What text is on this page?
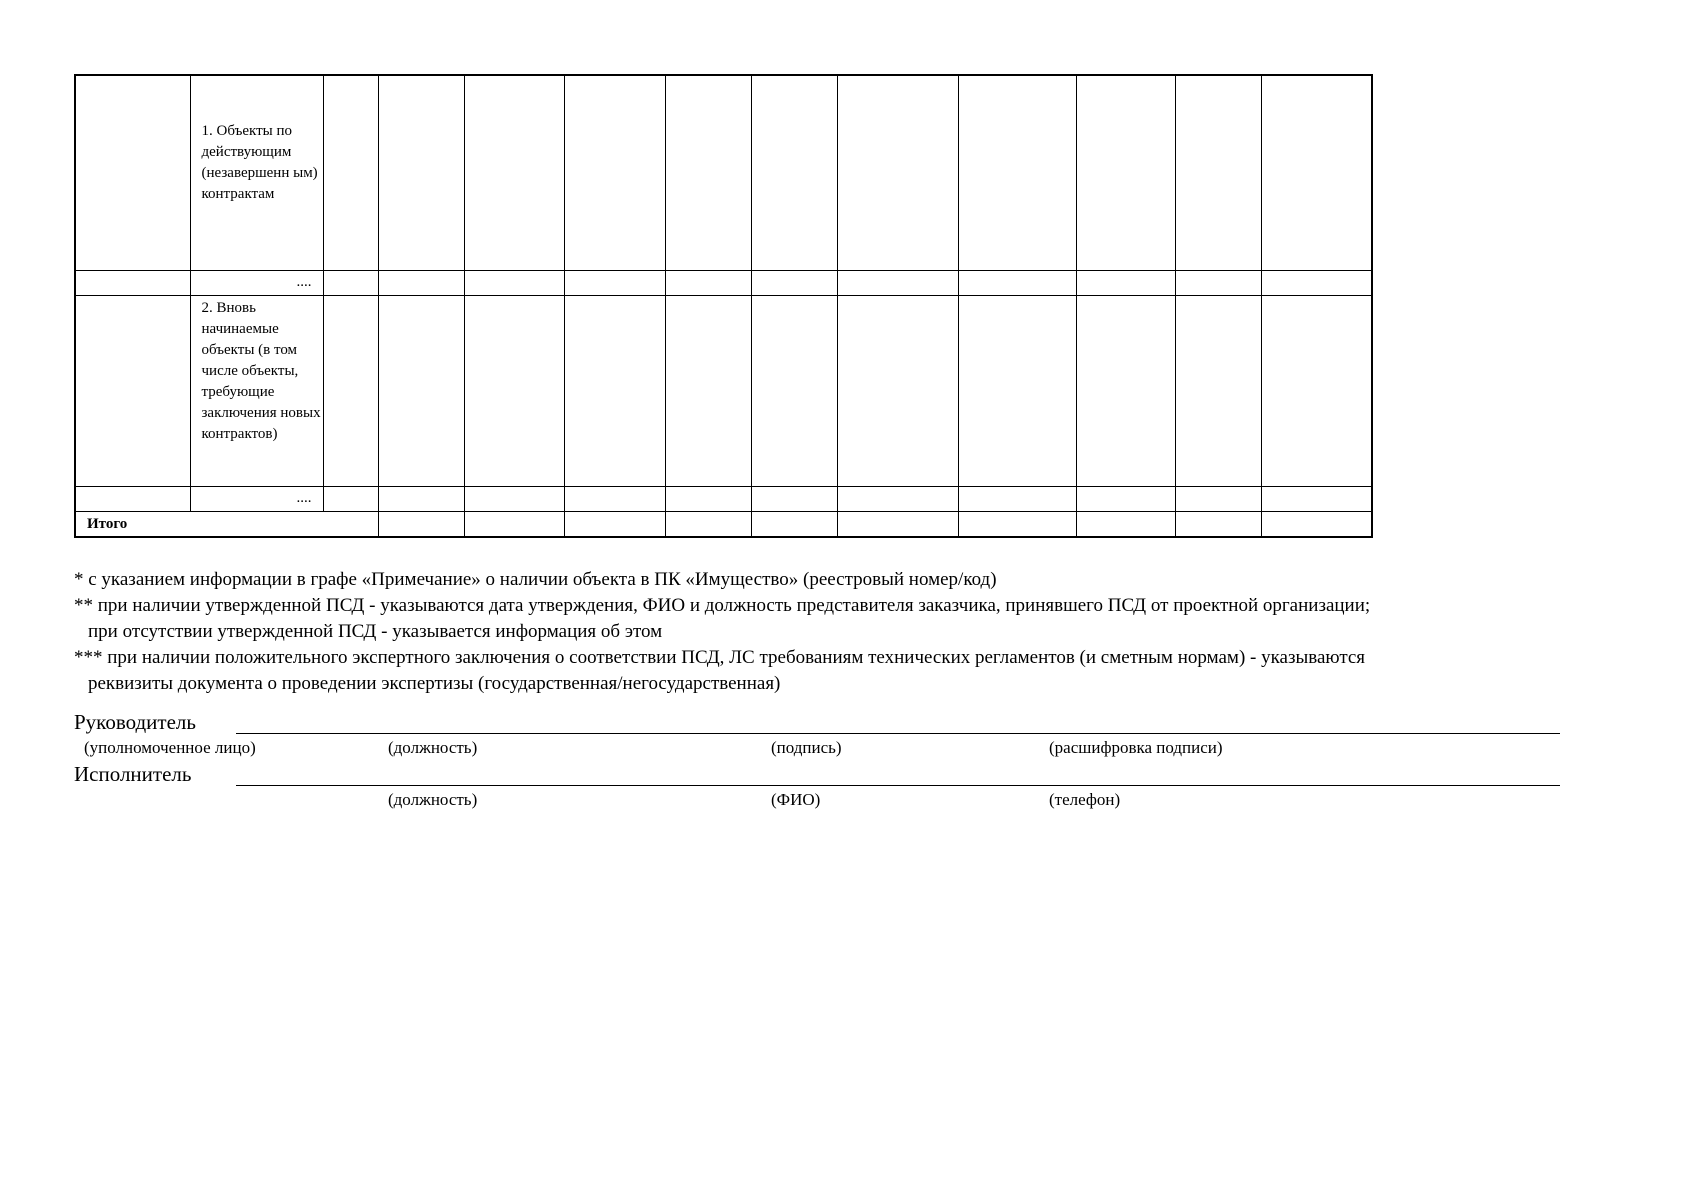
	1. Объекты по действующим (незавершенн ым) контрактам											
	....											
	2. Вновь начинаемые объекты (в том числе объекты, требующие заключения новых контрактов)											
	....											
Итого												
* с указанием информации в графе «Примечание» о наличии объекта в ПК «Имущество» (реестровый номер/код)
** при наличии утвержденной ПСД - указываются дата утверждения, ФИО и должность представителя заказчика, принявшего ПСД от проектной организации;
при отсутствии утвержденной ПСД - указывается информация об этом
*** при наличии положительного экспертного заключения о соответствии ПСД, ЛС требованиям технических регламентов (и сметным нормам) - указываются
реквизиты документа о проведении экспертизы (государственная/негосударственная)
Руководитель
(уполномоченное лицо)	(должность)	(подпись)	(расшифровка подписи)
Исполнитель
(должность)	(ФИО)	(телефон)
